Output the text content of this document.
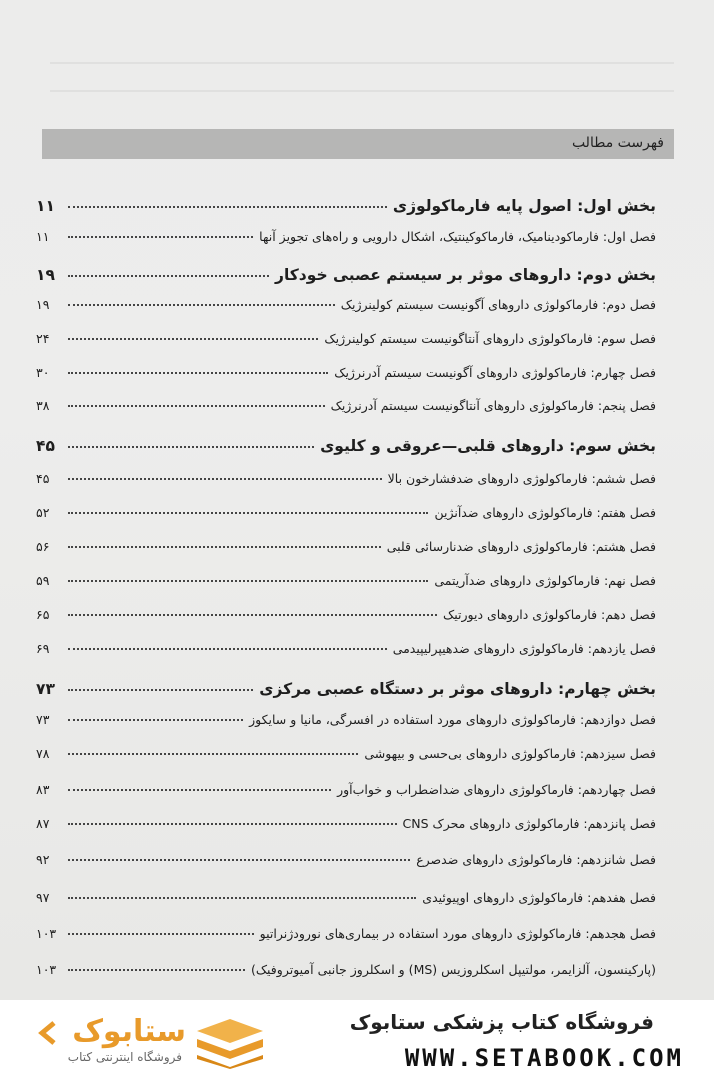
فهرست مطالب
بخش اول: اصول پایه فارماکولوژی
۱۱
فصل اول: فارماکودینامیک، فارماکوکینتیک، اشکال دارویی و راه‌های تجویز آنها
۱۱
بخش دوم: داروهای موثر بر سیستم عصبی خودکار
۱۹
فصل دوم: فارماکولوژی داروهای آگونیست سیستم کولینرژیک
۱۹
فصل سوم: فارماکولوژی داروهای آنتاگونیست سیستم کولینرژیک
۲۴
فصل چهارم: فارماکولوژی داروهای آگونیست سیستم آدرنرژیک
۳۰
فصل پنجم: فارماکولوژی داروهای آنتاگونیست سیستم آدرنرژیک
۳۸
بخش سوم: داروهای قلبی—عروقی و کلیوی
۴۵
فصل ششم: فارماکولوژی داروهای ضدفشارخون بالا
۴۵
فصل هفتم: فارماکولوژی داروهای ضدآنژین
۵۲
فصل هشتم: فارماکولوژی داروهای ضدنارسائی قلبی
۵۶
فصل نهم: فارماکولوژی داروهای ضدآریتمی
۵۹
فصل دهم: فارماکولوژی داروهای دیورتیک
۶۵
فصل یازدهم: فارماکولوژی داروهای ضدهیپرلیپیدمی
۶۹
بخش چهارم: داروهای موثر بر دستگاه عصبی مرکزی
۷۳
فصل دوازدهم: فارماکولوژی داروهای مورد استفاده در افسرگی، مانیا و سایکوز
۷۳
فصل سیزدهم: فارماکولوژی داروهای بی‌حسی و بیهوشی
۷۸
فصل چهاردهم: فارماکولوژی داروهای ضداضطراب و خواب‌آور
۸۳
فصل پانزدهم: فارماکولوژی داروهای محرک CNS
۸۷
فصل شانزدهم: فارماکولوژی داروهای ضدصرع
۹۲
فصل هفدهم: فارماکولوژی داروهای اوپیوئیدی
۹۷
فصل هجدهم: فارماکولوژی داروهای مورد استفاده در بیماری‌های نورودژنراتیو
۱۰۳
(پارکینسون، آلزایمر، مولتیپل اسکلروزیس (MS) و اسکلروز جانبی آمیوتروفیک)
۱۰۳
فروشگاه کتاب پزشکی ستابوک
WWW.SETABOOK.COM
ستابوک
فروشگاه اینترنتی کتاب
